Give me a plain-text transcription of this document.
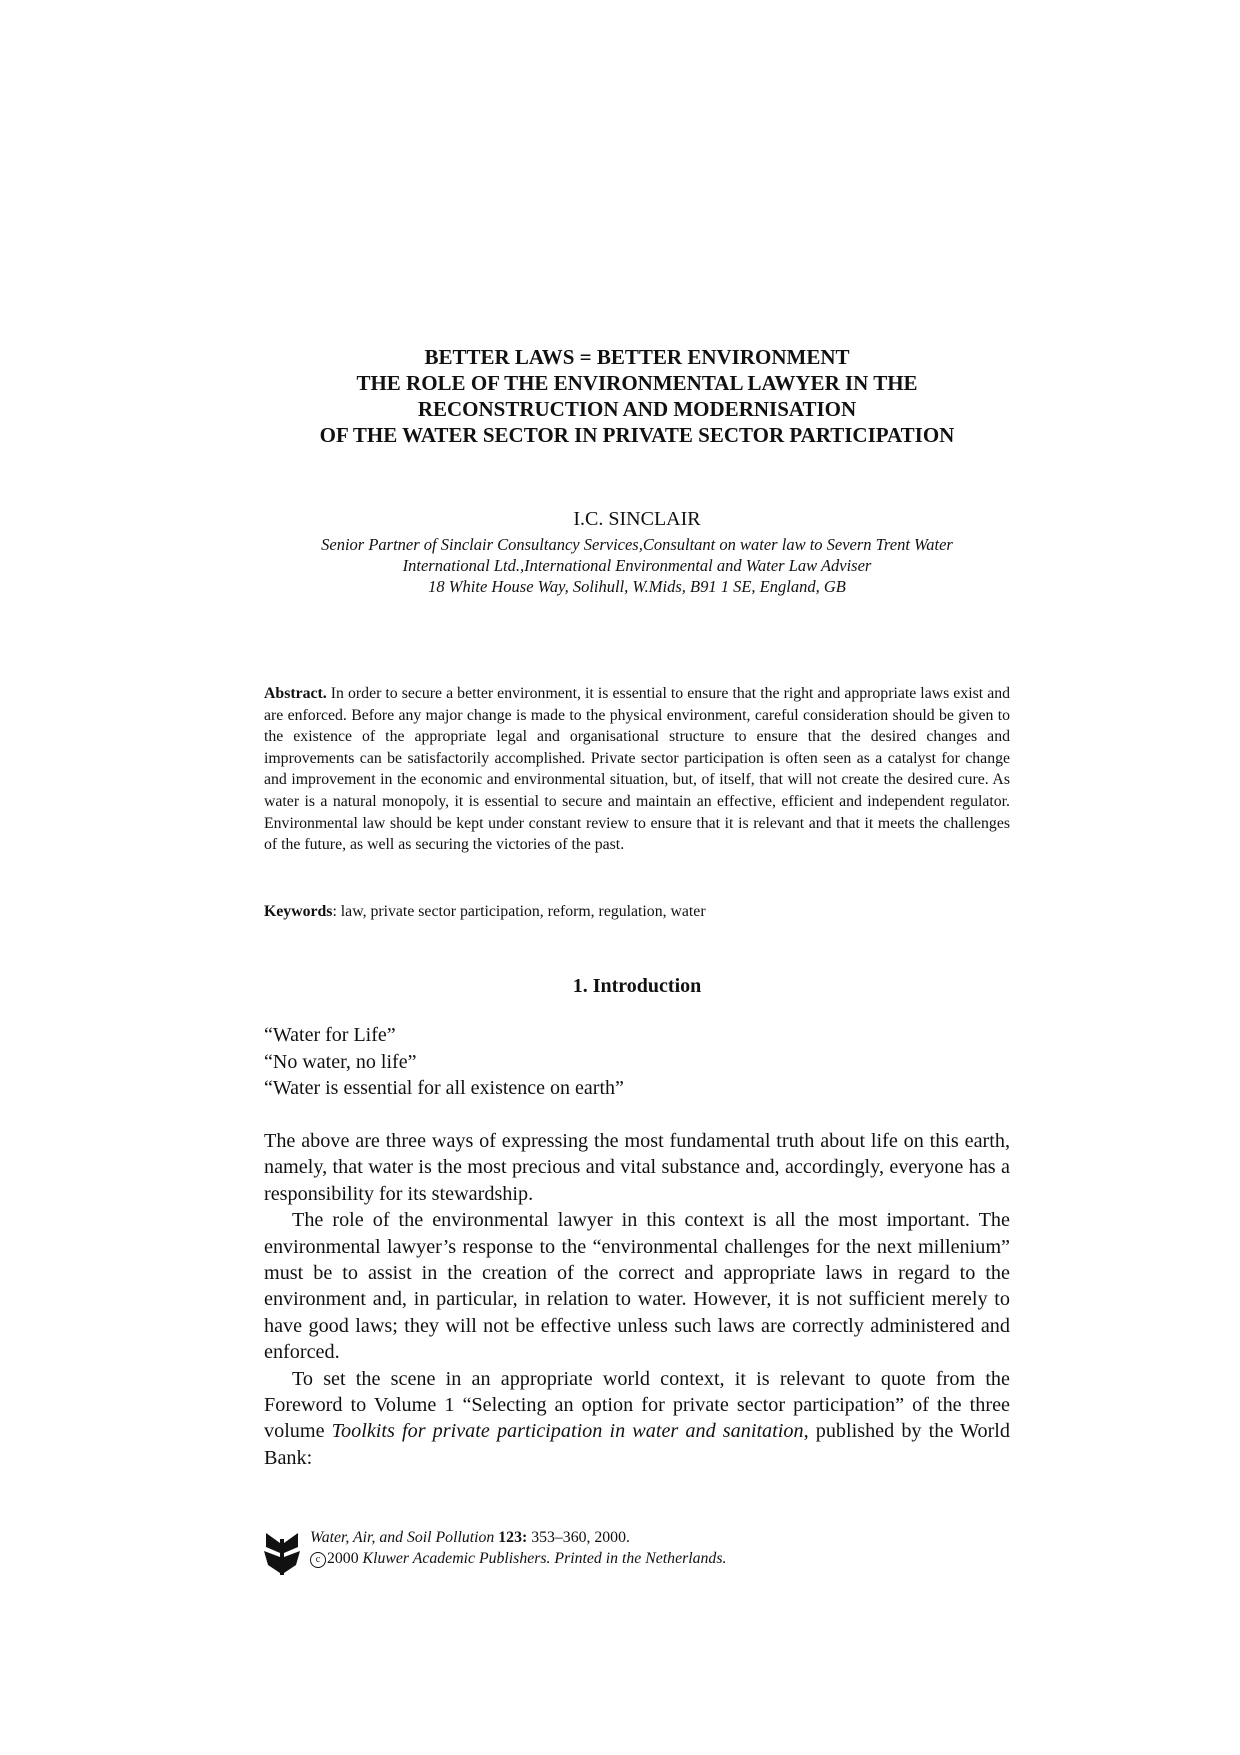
BETTER LAWS = BETTER ENVIRONMENT
THE ROLE OF THE ENVIRONMENTAL LAWYER IN THE
RECONSTRUCTION AND MODERNISATION
OF THE WATER SECTOR IN PRIVATE SECTOR PARTICIPATION
I.C. SINCLAIR
Senior Partner of Sinclair Consultancy Services,Consultant on water law to Severn Trent Water
International Ltd.,International Environmental and Water Law Adviser
18 White House Way, Solihull, W.Mids, B91 1 SE, England, GB
Abstract. In order to secure a better environment, it is essential to ensure that the right and appropriate laws exist and are enforced. Before any major change is made to the physical environment, careful consideration should be given to the existence of the appropriate legal and organisational structure to ensure that the desired changes and improvements can be satisfactorily accomplished. Private sector participation is often seen as a catalyst for change and improvement in the economic and environmental situation, but, of itself, that will not create the desired cure. As water is a natural monopoly, it is essential to secure and maintain an effective, efficient and independent regulator. Environmental law should be kept under constant review to ensure that it is relevant and that it meets the challenges of the future, as well as securing the victories of the past.
Keywords: law, private sector participation, reform, regulation, water
1. Introduction
“Water for Life”
“No water, no life”
“Water is essential for all existence on earth”

The above are three ways of expressing the most fundamental truth about life on this earth, namely, that water is the most precious and vital substance and, accordingly, everyone has a responsibility for its stewardship.

The role of the environmental lawyer in this context is all the most important. The environmental lawyer’s response to the “environmental challenges for the next millenium” must be to assist in the creation of the correct and appropriate laws in regard to the environment and, in particular, in relation to water. However, it is not sufficient merely to have good laws; they will not be effective unless such laws are correctly administered and enforced.

To set the scene in an appropriate world context, it is relevant to quote from the Foreword to Volume 1 “Selecting an option for private sector participation” of the three volume Toolkits for private participation in water and sanitation, published by the World Bank:

Water, Air, and Soil Pollution 123: 353–360, 2000.
c 2000 Kluwer Academic Publishers. Printed in the Netherlands.
